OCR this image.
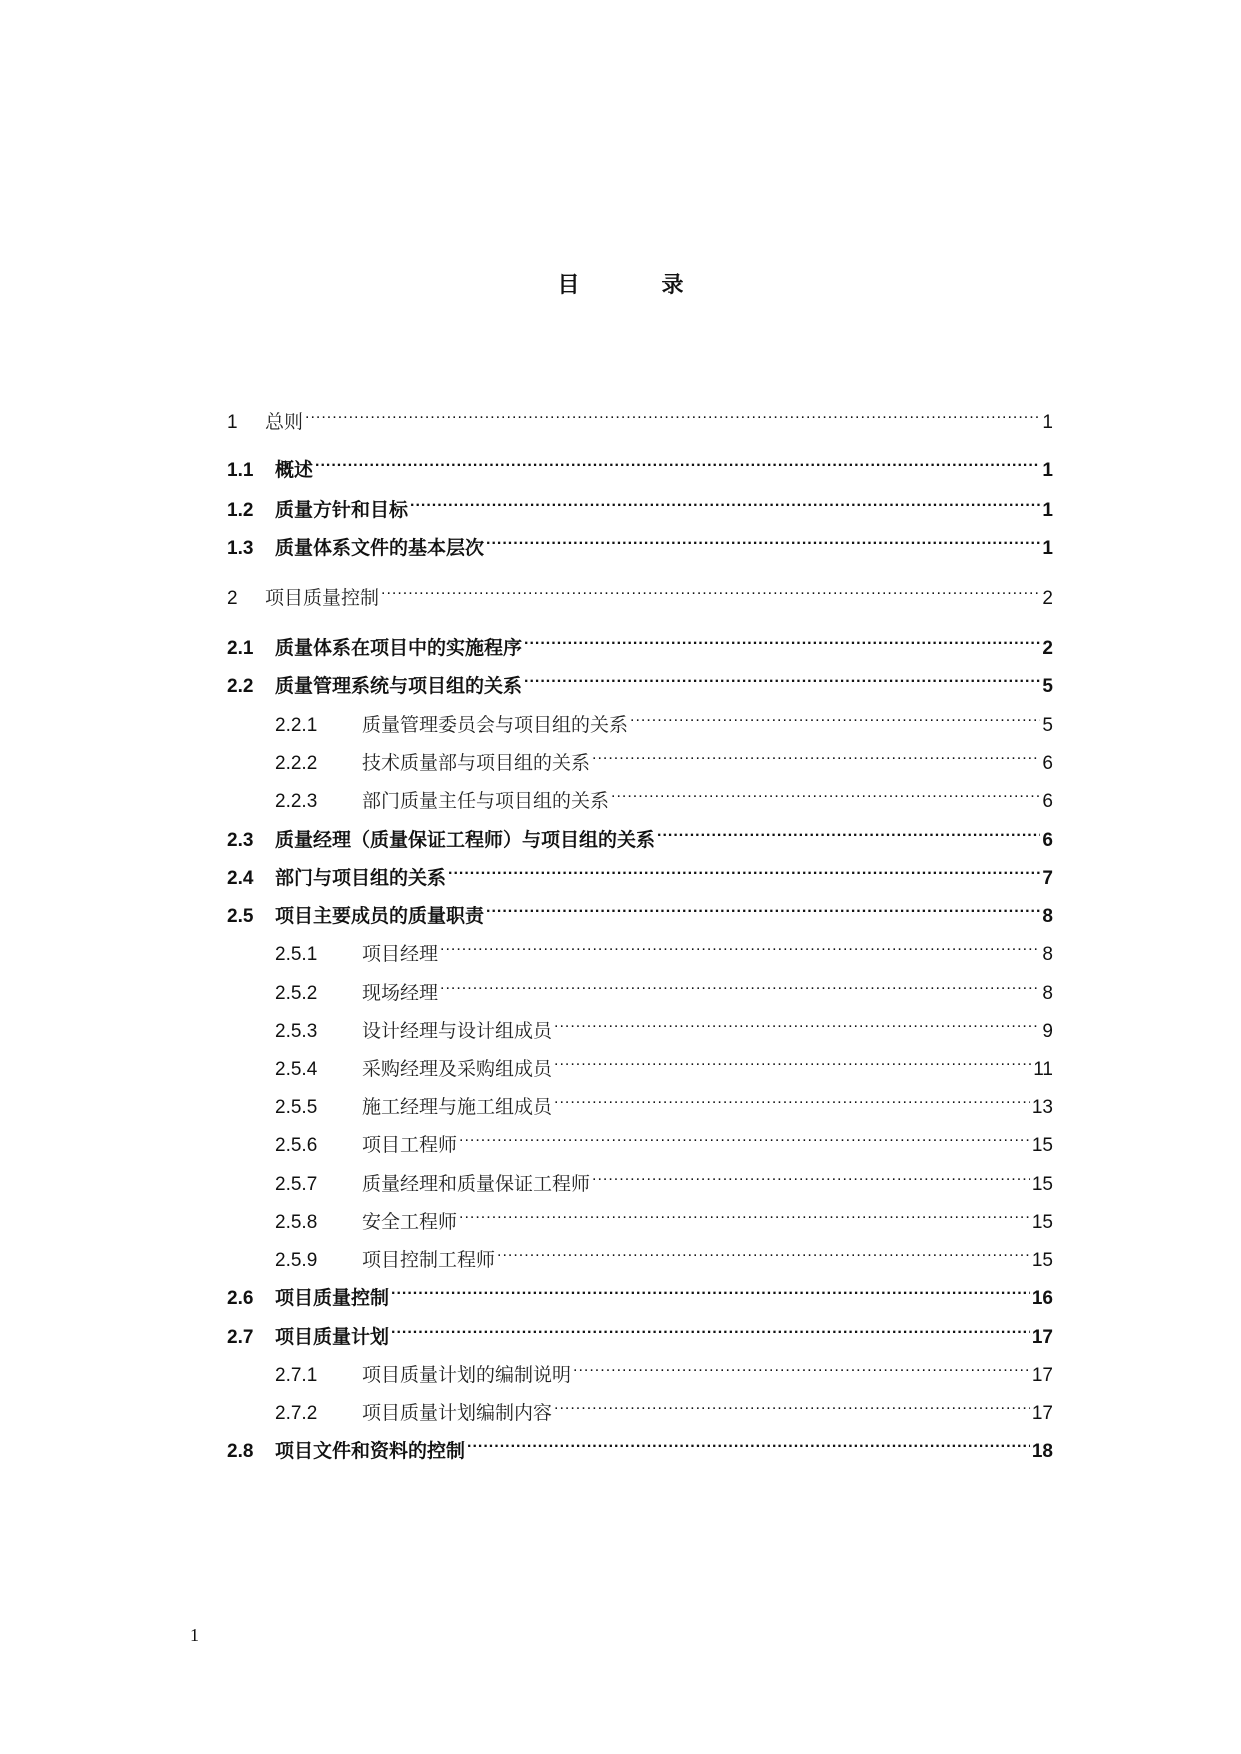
目 录
1	总则 .....	1
1.1	概述 .....	1
1.2	质量方针和目标 .....	1
1.3	质量体系文件的基本层次 .....	1
2	项目质量控制 .....	2
2.1	质量体系在项目中的实施程序 .....	2
2.2	质量管理系统与项目组的关系 .....	5
2.2.1	质量管理委员会与项目组的关系 .....	5
2.2.2	技术质量部与项目组的关系 .....	6
2.2.3	部门质量主任与项目组的关系 .....	6
2.3	质量经理（质量保证工程师）与项目组的关系 .....	6
2.4	部门与项目组的关系 .....	7
2.5	项目主要成员的质量职责 .....	8
2.5.1	项目经理 .....	8
2.5.2	现场经理 .....	8
2.5.3	设计经理与设计组成员 .....	9
2.5.4	采购经理及采购组成员 .....	11
2.5.5	施工经理与施工组成员 .....	13
2.5.6	项目工程师 .....	15
2.5.7	质量经理和质量保证工程师 .....	15
2.5.8	安全工程师 .....	15
2.5.9	项目控制工程师 .....	15
2.6	项目质量控制 .....	16
2.7	项目质量计划 .....	17
2.7.1	项目质量计划的编制说明 .....	17
2.7.2	项目质量计划编制内容 .....	17
2.8	项目文件和资料的控制 .....	18
1
